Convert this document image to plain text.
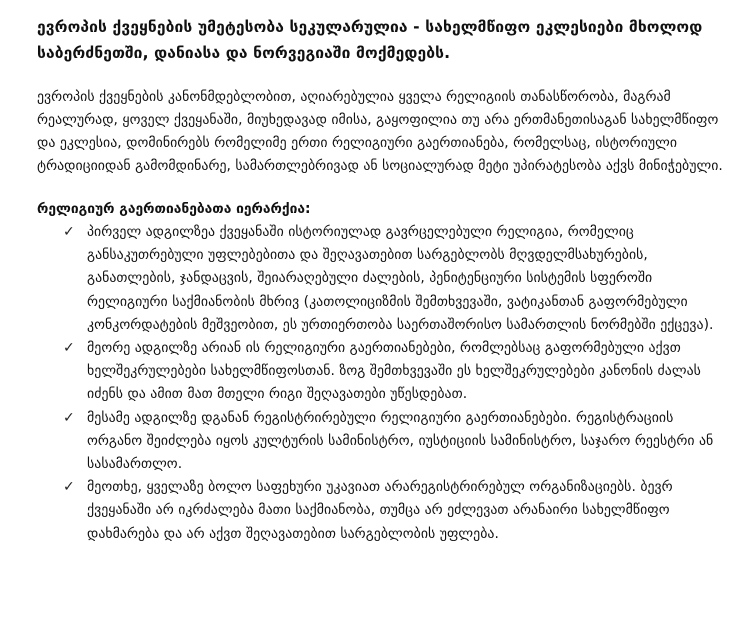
ევროპის ქვეყნების უმეტესობა სეკულარულია - სახელმწიფო ეკლესიები მხოლოდ საბერძნეთში, დანიასა და ნორვეგიაში მოქმედებს.

ევროპის ქვეყნების კანონმდებლობით, აღიარებულია ყველა რელიგიის თანასწორობა, მაგრამ რეალურად, ყოველ ქვეყანაში, მიუხედავად იმისა, გაყოფილია თუ არა ერთმანეთისაგან სახელმწიფო და ეკლესია, დომინირებს რომელიმე ერთი რელიგიური გაერთიანება, რომელსაც, ისტორიული ტრადიციიდან გამომდინარე, სამართლებრივად ან სოციალურად მეტი უპირატესობა აქვს მინიჭებული.

რელიგიურ გაერთიანებათა იერარქია:
✓ პირველ ადგილზეა ქვეყანაში ისტორიულად გავრცელებული რელიგია, რომელიც განსაკუთრებული უფლებებითა და შეღავათებით სარგებლობს მღვდელმსახურების, განათლების, ჯანდაცვის, შეიარაღებული ძალების, პენიტენციური სისტემის სფეროში რელიგიური საქმიანობის მხრივ (კათოლიციზმის შემთხვევაში, ვატიკანთან გაფორმებული კონკორდატების მეშვეობით, ეს ურთიერთობა საერთაშორისო სამართლის ნორმებში ექცევა).
✓ მეორე ადგილზე არიან ის რელიგიური გაერთიანებები, რომლებსაც გაფორმებული აქვთ ხელშეკრულებები სახელმწიფოსთან. ზოგ შემთხვევაში ეს ხელშეკრულებები კანონის ძალას იძენს და ამით მათ მთელი რიგი შეღავათები უწესდებათ.
✓ მესამე ადგილზე დგანან რეგისტრირებული რელიგიური გაერთიანებები. რეგისტრაციის ორგანო შეიძლება იყოს კულტურის სამინისტრო, იუსტიციის სამინისტრო, საჯარო რეესტრი ან სასამართლო.
✓ მეოთხე, ყველაზე ბოლო საფეხური უკავიათ არარეგისტრირებულ ორგანიზაციებს. ბევრ ქვეყანაში არ იკრძალება მათი საქმიანობა, თუმცა არ ეძლევათ არანაირი სახელმწიფო დახმარება და არ აქვთ შეღავათებით სარგებლობის უფლება.
